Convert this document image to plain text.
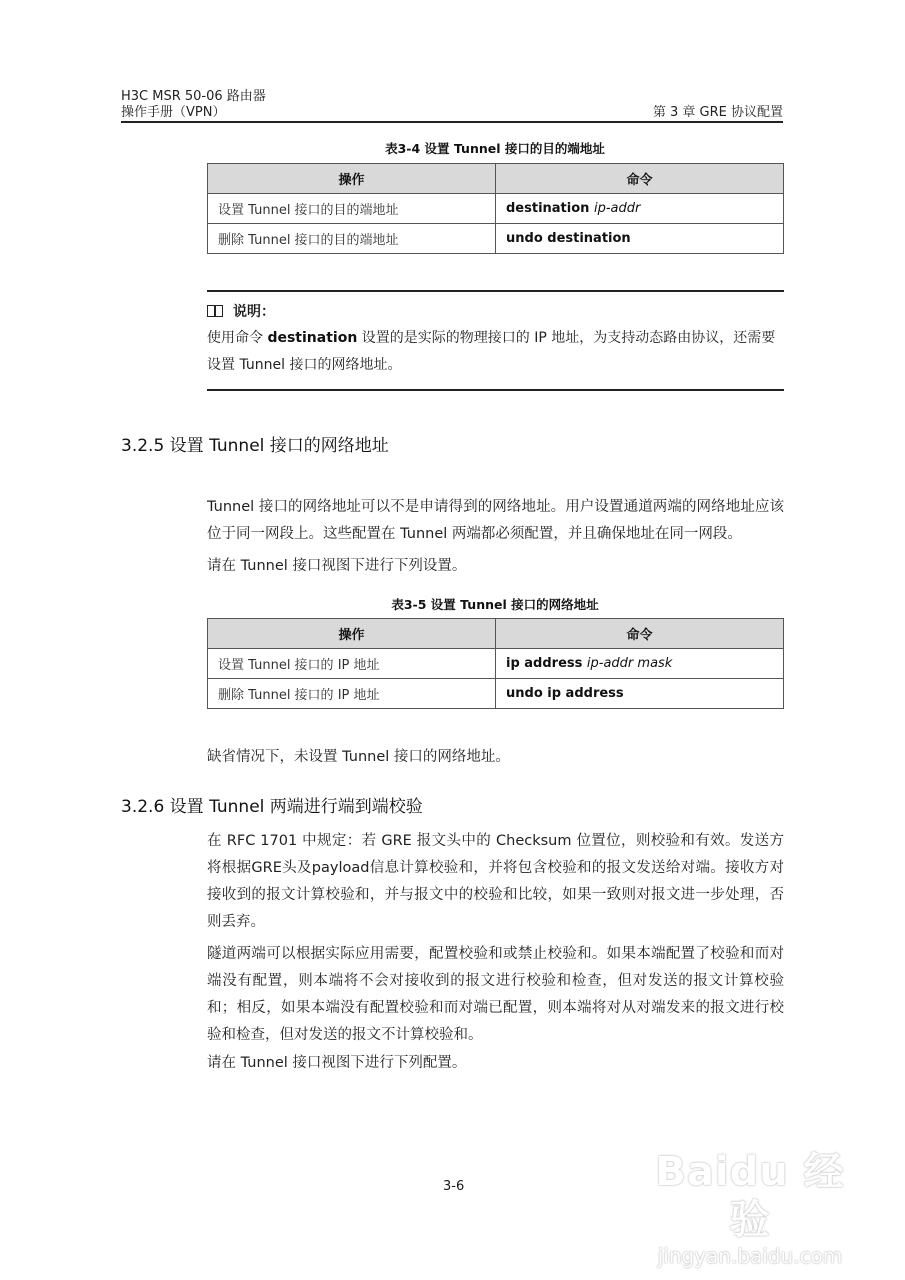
H3C MSR 50-06 路由器
操作手册（VPN）	第 3 章 GRE 协议配置
表3-4 设置 Tunnel 接口的目的端地址
操作	命令
设置 Tunnel 接口的目的端地址	destination ip-addr
删除 Tunnel 接口的目的端地址	undo destination
说明：
使用命令 destination 设置的是实际的物理接口的 IP 地址，为支持动态路由协议，还需要设置 Tunnel 接口的网络地址。
3.2.5 设置 Tunnel 接口的网络地址
Tunnel 接口的网络地址可以不是申请得到的网络地址。用户设置通道两端的网络地址应该位于同一网段上。这些配置在 Tunnel 两端都必须配置，并且确保地址在同一网段。
请在 Tunnel 接口视图下进行下列设置。
表3-5 设置 Tunnel 接口的网络地址
操作	命令
设置 Tunnel 接口的 IP 地址	ip address ip-addr mask
删除 Tunnel 接口的 IP 地址	undo ip address
缺省情况下，未设置 Tunnel 接口的网络地址。
3.2.6 设置 Tunnel 两端进行端到端校验
在 RFC 1701 中规定：若 GRE 报文头中的 Checksum 位置位，则校验和有效。发送方将根据GRE头及payload信息计算校验和，并将包含校验和的报文发送给对端。接收方对接收到的报文计算校验和，并与报文中的校验和比较，如果一致则对报文进一步处理，否则丢弃。
隧道两端可以根据实际应用需要，配置校验和或禁止校验和。如果本端配置了校验和而对端没有配置，则本端将不会对接收到的报文进行校验和检查，但对发送的报文计算校验和；相反，如果本端没有配置校验和而对端已配置，则本端将对从对端发来的报文进行校验和检查，但对发送的报文不计算校验和。
请在 Tunnel 接口视图下进行下列配置。
3-6	Baidu 经验
jingyan.baidu.com
